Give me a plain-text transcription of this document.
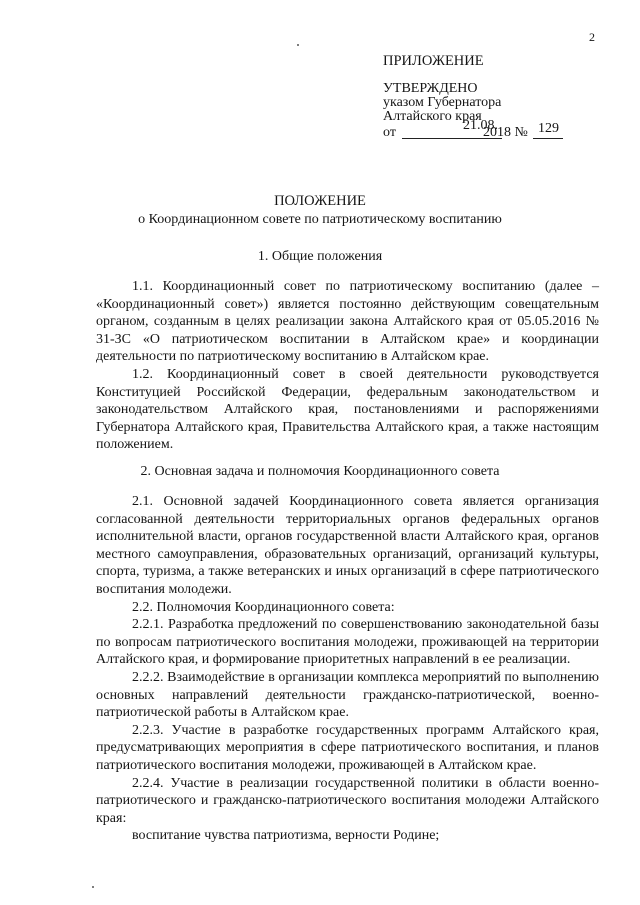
2
ПРИЛОЖЕНИЕ
УТВЕРЖДЕНО
указом Губернатора
Алтайского края
от	21.08.
2018 № 129
ПОЛОЖЕНИЕ
о Координационном совете по патриотическому воспитанию
1. Общие положения

1.1. Координационный совет по патриотическому воспитанию (далее – «Координационный совет») является постоянно действующим совещательным органом, созданным в целях реализации закона Алтайского края от 05.05.2016 № 31-ЗС «О патриотическом воспитании в Алтайском крае» и координации деятельности по патриотическому воспитанию в Алтайском крае.

1.2. Координационный совет в своей деятельности руководствуется Конституцией Российской Федерации, федеральным законодательством и законодательством Алтайского края, постановлениями и распоряжениями Губернатора Алтайского края, Правительства Алтайского края, а также настоящим положением.

2. Основная задача и полномочия Координационного совета

2.1. Основной задачей Координационного совета является организация согласованной деятельности территориальных органов федеральных органов исполнительной власти, органов государственной власти Алтайского края, органов местного самоуправления, образовательных организаций, организаций культуры, спорта, туризма, а также ветеранских и иных организаций в сфере патриотического воспитания молодежи.

2.2. Полномочия Координационного совета:

2.2.1. Разработка предложений по совершенствованию законодательной базы по вопросам патриотического воспитания молодежи, проживающей на территории Алтайского края, и формирование приоритетных направлений в ее реализации.

2.2.2. Взаимодействие в организации комплекса мероприятий по выполнению основных направлений деятельности гражданско-патриотической, военно-патриотической работы в Алтайском крае.

2.2.3. Участие в разработке государственных программ Алтайского края, предусматривающих мероприятия в сфере патриотического воспитания, и планов патриотического воспитания молодежи, проживающей в Алтайском крае.

2.2.4. Участие в реализации государственной политики в области военно-патриотического и гражданско-патриотического воспитания молодежи Алтайского края:

воспитание чувства патриотизма, верности Родине;
